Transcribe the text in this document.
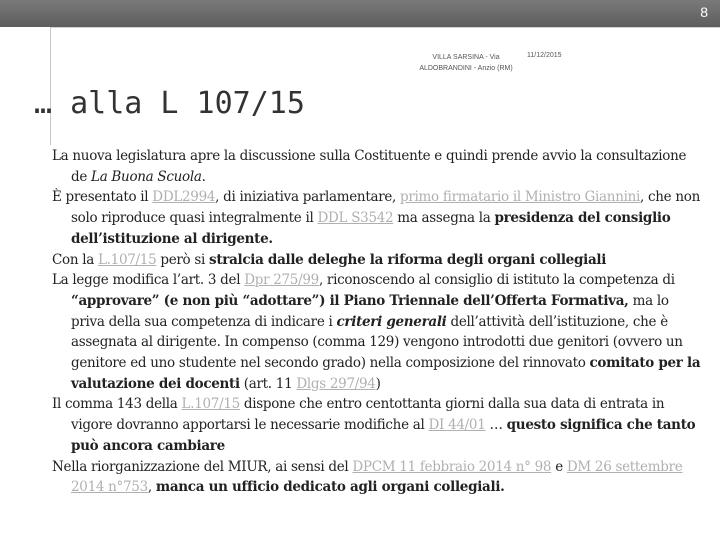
8
VILLA SARSINA - Via ALDOBRANDINI - Anzio (RM)
11/12/2015
… alla L 107/15

La nuova legislatura apre la discussione sulla Costituente e quindi prende avvio la consultazione de La Buona Scuola.

È presentato il DDL2994, di iniziativa parlamentare, primo firmatario il Ministro Giannini, che non solo riproduce quasi integralmente il DDL S3542 ma assegna la presidenza del consiglio dell’istituzione al dirigente.

Con la L.107/15 però si stralcia dalle deleghe la riforma degli organi collegiali

La legge modifica l’art. 3 del Dpr 275/99, riconoscendo al consiglio di istituto la competenza di “approvare” (e non più “adottare”) il Piano Triennale dell’Offerta Formativa, ma lo priva della sua competenza di indicare i criteri generali dell’attività dell’istituzione, che è assegnata al dirigente. In compenso (comma 129) vengono introdotti due genitori (ovvero un genitore ed uno studente nel secondo grado) nella composizione del rinnovato comitato per la valutazione dei docenti (art. 11 Dlgs 297/94)

Il comma 143 della L.107/15 dispone che entro centottanta giorni dalla sua data di entrata in vigore dovranno apportarsi le necessarie modifiche al DI 44/01 … questo significa che tanto può ancora cambiare

Nella riorganizzazione del MIUR, ai sensi del DPCM 11 febbraio 2014 n° 98 e DM 26 settembre 2014 n°753, manca un ufficio dedicato agli organi collegiali.
